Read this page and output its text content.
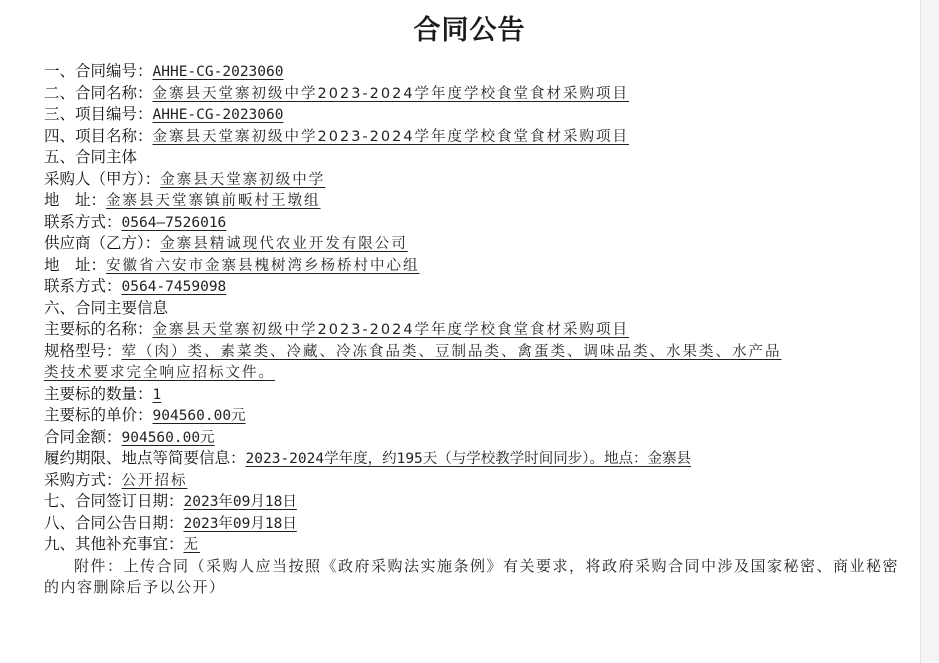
合同公告
一、合同编号：AHHE-CG-2023060
二、合同名称：金寨县天堂寨初级中学2023-2024学年度学校食堂食材采购项目
三、项目编号：AHHE-CG-2023060
四、项目名称：金寨县天堂寨初级中学2023-2024学年度学校食堂食材采购项目
五、合同主体
采购人（甲方）：金寨县天堂寨初级中学
地　址：金寨县天堂寨镇前畈村王墩组
联系方式：0564—7526016
供应商（乙方）：金寨县精诚现代农业开发有限公司
地　址：安徽省六安市金寨县槐树湾乡杨桥村中心组
联系方式：0564-7459098
六、合同主要信息
主要标的名称：金寨县天堂寨初级中学2023-2024学年度学校食堂食材采购项目
规格型号：荤（肉）类、素菜类、冷藏、冷冻食品类、豆制品类、禽蛋类、调味品类、水果类、水产品
类技术要求完全响应招标文件。
主要标的数量：1
主要标的单价：904560.00元
合同金额：904560.00元
履约期限、地点等简要信息：2023-2024学年度，约195天（与学校教学时间同步）。地点：金寨县
采购方式：公开招标
七、合同签订日期：2023年09月18日
八、合同公告日期：2023年09月18日
九、其他补充事宜：无
附件：上传合同（采购人应当按照《政府采购法实施条例》有关要求，将政府采购合同中涉及国家秘密、商业秘密的内容删除后予以公开）
